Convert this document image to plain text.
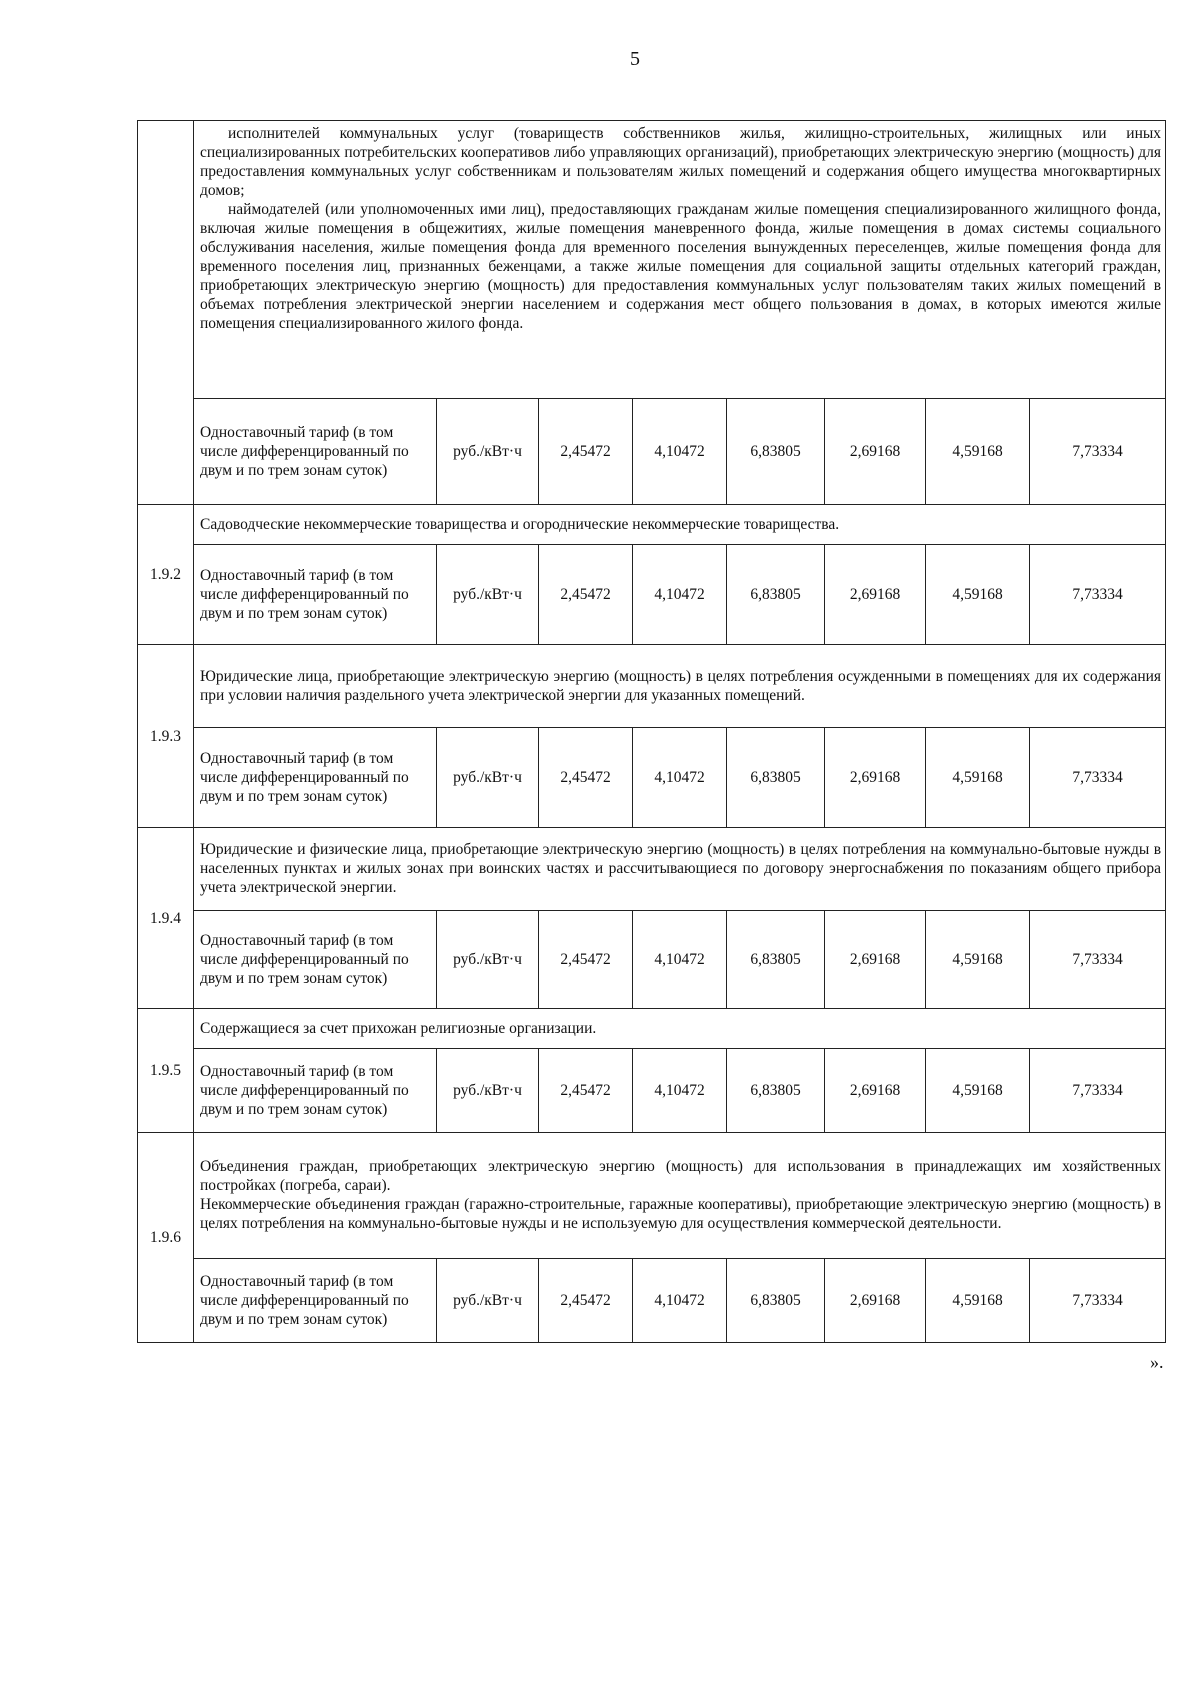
5

	исполнителей коммунальных услуг (товариществ собственников жилья, жилищно-строительных, жилищных или иных специализированных потребительских кооперативов либо управляющих организаций), приобретающих электрическую энергию (мощность) для предоставления коммунальных услуг собственникам и пользователям жилых помещений и содержания общего имущества многоквартирных домов;

наймодателей (или уполномоченных ими лиц), предоставляющих гражданам жилые помещения специализированного жилищного фонда, включая жилые помещения в общежитиях, жилые помещения маневренного фонда, жилые помещения в домах системы социального обслуживания населения, жилые помещения фонда для временного поселения вынужденных переселенцев, жилые помещения фонда для временного поселения лиц, признанных беженцами, а также жилые помещения для социальной защиты отдельных категорий граждан, приобретающих электрическую энергию (мощность) для предоставления коммунальных услуг пользователям таких жилых помещений в объемах потребления электрической энергии населением и содержания мест общего пользования в домах, в которых имеются жилые помещения специализированного жилого фонда.							

	Одноставочный тариф (в том числе дифференцированный по двум и по трем зонам суток)	руб./кВт·ч	2,45472	4,10472	6,83805	2,69168	4,59168	7,73334
1.9.2	Садоводческие некоммерческие товарищества и огороднические некоммерческие товарищества.							

	Одноставочный тариф (в том числе дифференцированный по двум и по трем зонам суток)	руб./кВт·ч	2,45472	4,10472	6,83805	2,69168	4,59168	7,73334
1.9.3	Юридические лица, приобретающие электрическую энергию (мощность) в целях потребления осужденными в помещениях для их содержания при условии наличия раздельного учета электрической энергии для указанных помещений.							

	Одноставочный тариф (в том числе дифференцированный по двум и по трем зонам суток)	руб./кВт·ч	2,45472	4,10472	6,83805	2,69168	4,59168	7,73334
1.9.4	Юридические и физические лица, приобретающие электрическую энергию (мощность) в целях потребления на коммунально-бытовые нужды в населенных пунктах и жилых зонах при воинских частях и рассчитывающиеся по договору энергоснабжения по показаниям общего прибора учета электрической энергии.							

	Одноставочный тариф (в том числе дифференцированный по двум и по трем зонам суток)	руб./кВт·ч	2,45472	4,10472	6,83805	2,69168	4,59168	7,73334
1.9.5	Содержащиеся за счет прихожан религиозные организации.							

	Одноставочный тариф (в том числе дифференцированный по двум и по трем зонам суток)	руб./кВт·ч	2,45472	4,10472	6,83805	2,69168	4,59168	7,73334
1.9.6	Объединения граждан, приобретающих электрическую энергию (мощность) для использования в принадлежащих им хозяйственных постройках (погреба, сараи).

Некоммерческие объединения граждан (гаражно-строительные, гаражные кооперативы), приобретающие электрическую энергию (мощность) в целях потребления на коммунально-бытовые нужды и не используемую для осуществления коммерческой деятельности.							

	Одноставочный тариф (в том числе дифференцированный по двум и по трем зонам суток)	руб./кВт·ч	2,45472	4,10472	6,83805	2,69168	4,59168	7,73334
».
